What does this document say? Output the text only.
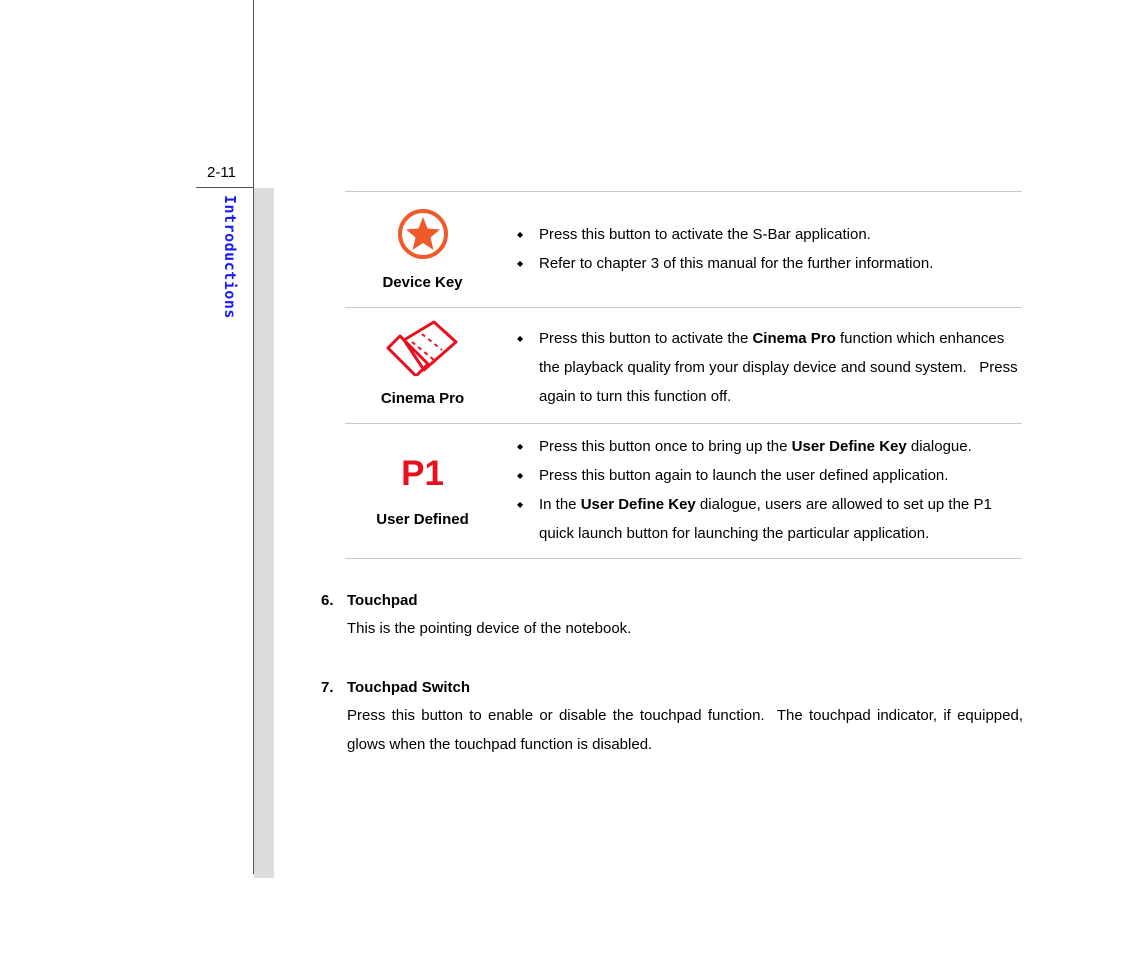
2-11
Introductions	Device Key
◆ Press this button to activate the S-Bar application.
◆ Refer to chapter 3 of this manual for the further information.
Cinema Pro
◆ Press this button to activate the Cinema Pro function which enhances the playback quality from your display device and sound system.   Press again to turn this function off.
P1
User Defined
◆ Press this button once to bring up the User Define Key dialogue.
◆ Press this button again to launch the user defined application.
◆ In the User Define Key dialogue, users are allowed to set up the P1 quick launch button for launching the particular application.
6. Touchpad
This is the pointing device of the notebook.
7. Touchpad Switch
Press this button to enable or disable the touchpad function.  The touchpad indicator, if equipped, glows when the touchpad function is disabled.
